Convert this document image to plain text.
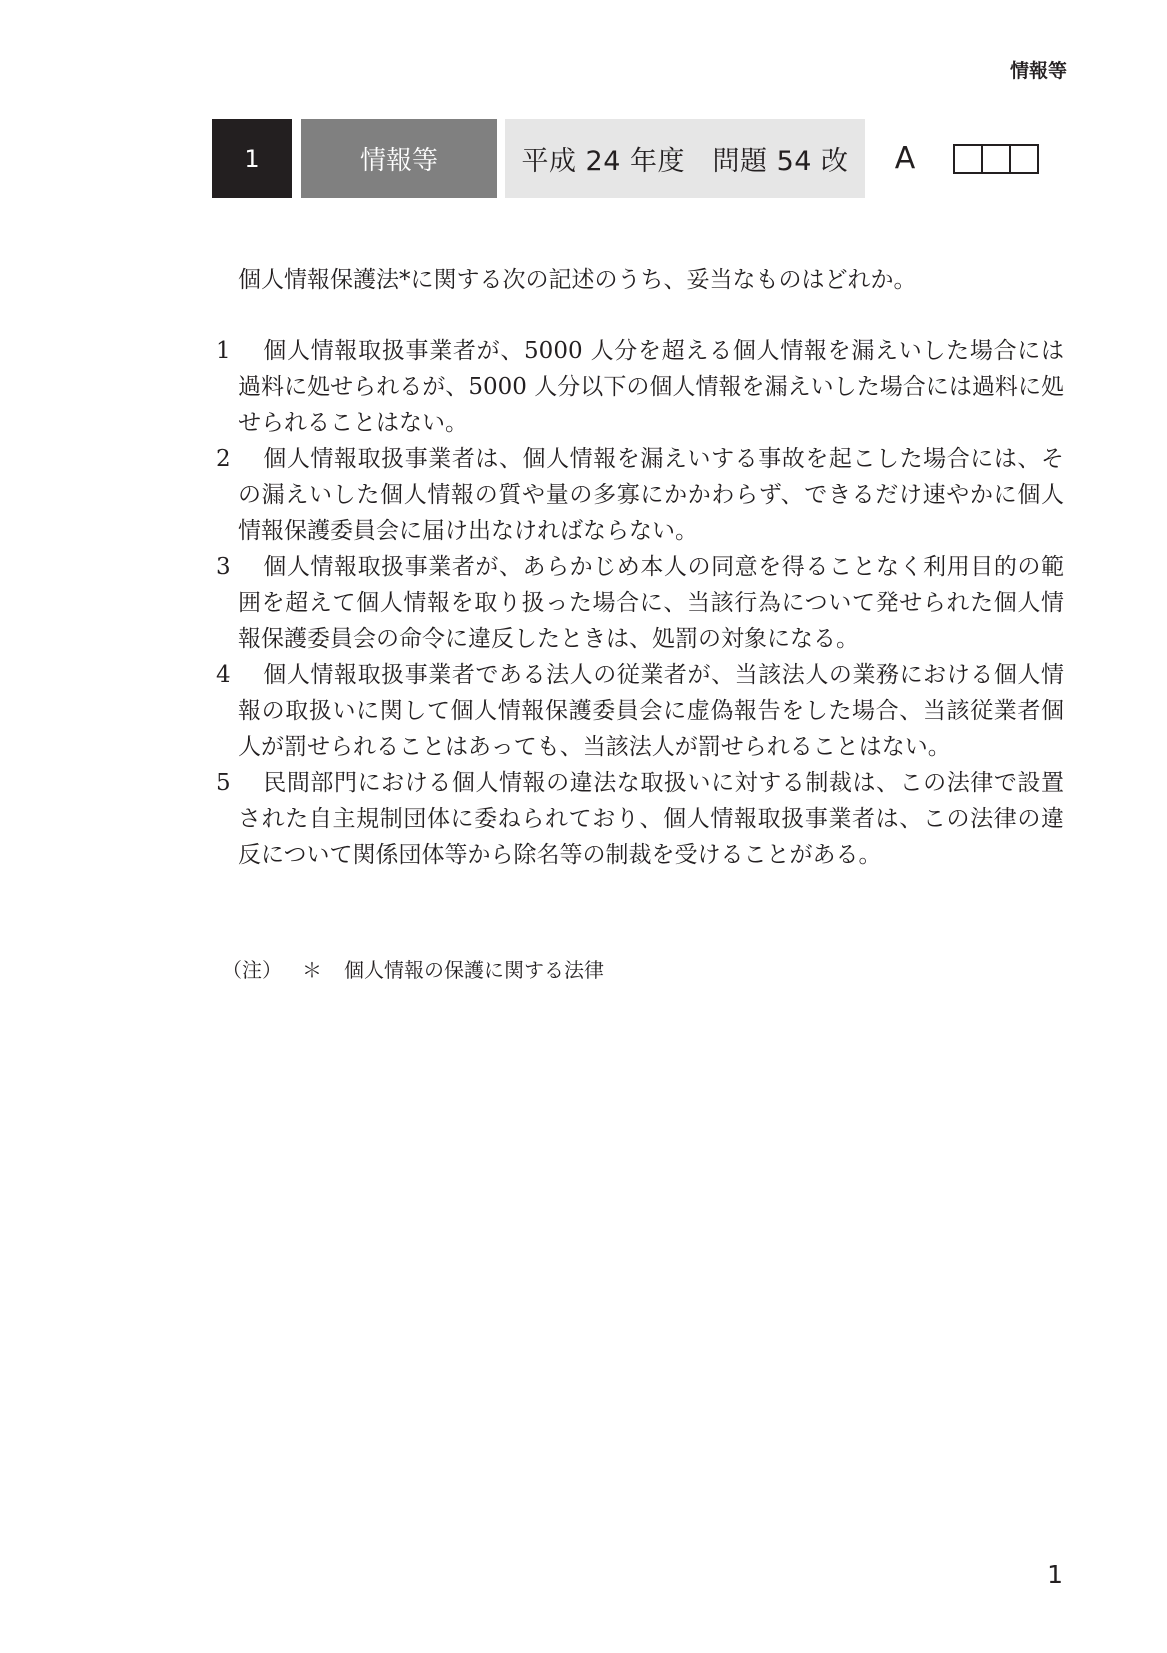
情報等
1	情報等	平成 24 年度　問題 54 改	A
個人情報保護法*に関する次の記述のうち、妥当なものはどれか。
1	個人情報取扱事業者が、5000 人分を超える個人情報を漏えいした場合には過料に処せられるが、5000 人分以下の個人情報を漏えいした場合には過料に処せられることはない。
2	個人情報取扱事業者は、個人情報を漏えいする事故を起こした場合には、その漏えいした個人情報の質や量の多寡にかかわらず、できるだけ速やかに個人情報保護委員会に届け出なければならない。
3	個人情報取扱事業者が、あらかじめ本人の同意を得ることなく利用目的の範囲を超えて個人情報を取り扱った場合に、当該行為について発せられた個人情報保護委員会の命令に違反したときは、処罰の対象になる。
4	個人情報取扱事業者である法人の従業者が、当該法人の業務における個人情報の取扱いに関して個人情報保護委員会に虚偽報告をした場合、当該従業者個人が罰せられることはあっても、当該法人が罰せられることはない。
5	民間部門における個人情報の違法な取扱いに対する制裁は、この法律で設置された自主規制団体に委ねられており、個人情報取扱事業者は、この法律の違反について関係団体等から除名等の制裁を受けることがある。
（注）	＊	個人情報の保護に関する法律
1
